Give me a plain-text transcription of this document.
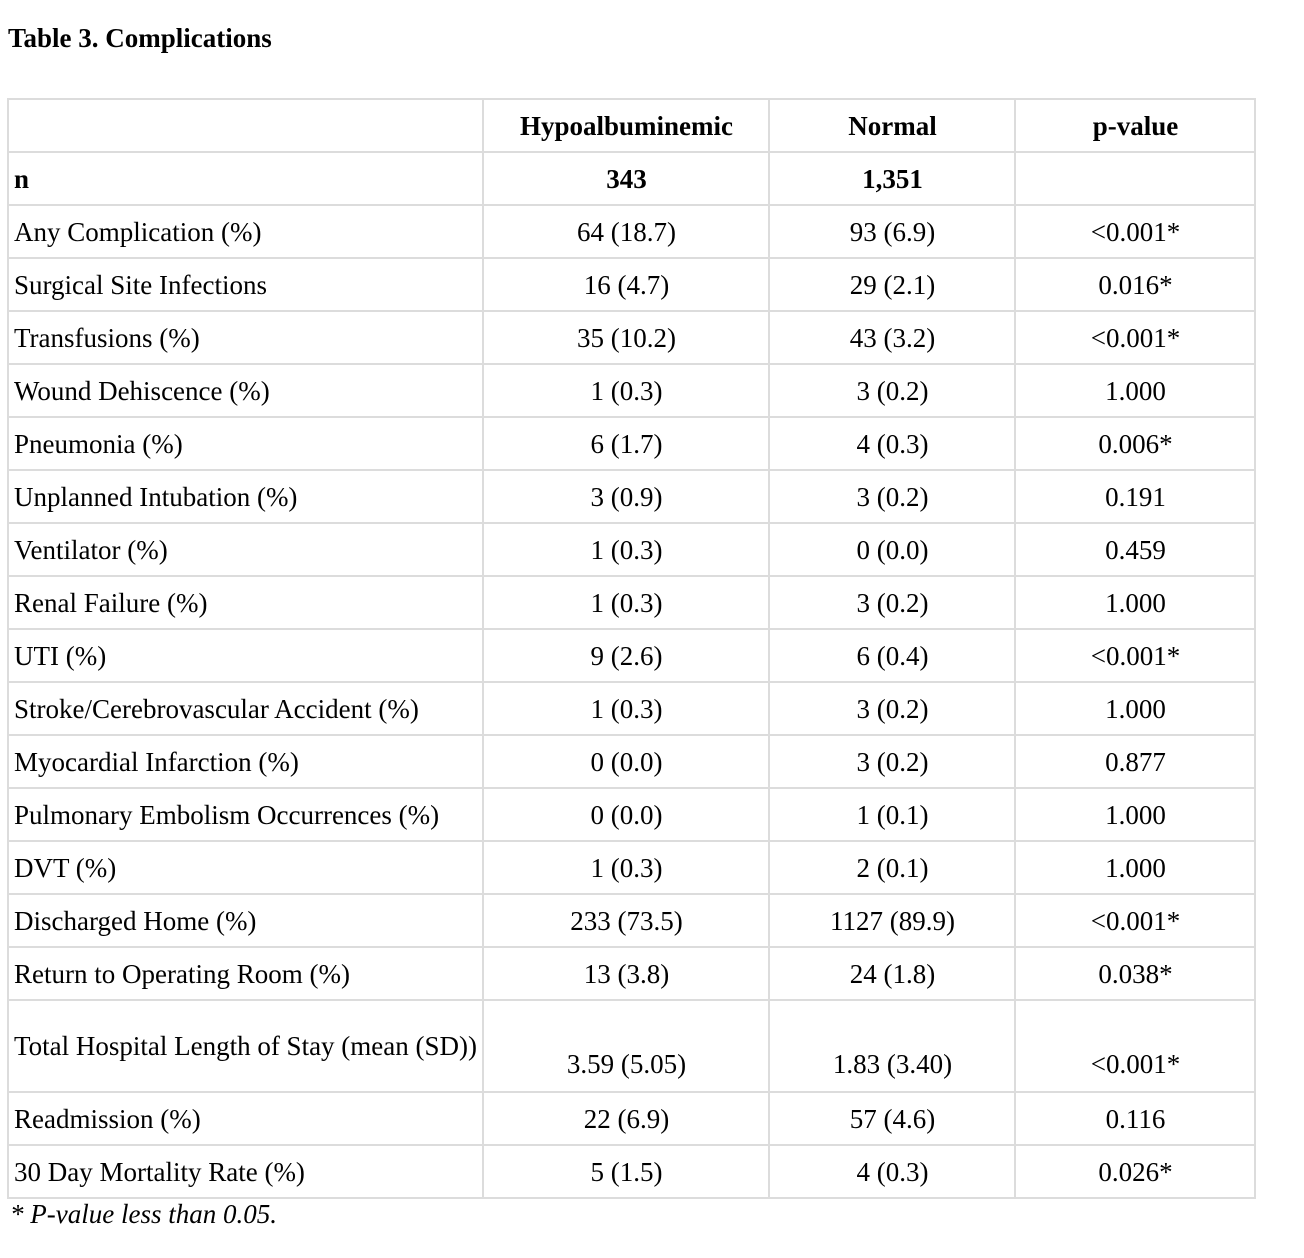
Table 3. Complications
	Hypoalbuminemic	Normal	p-value
n	343	1,351	
Any Complication (%)	64 (18.7)	93 (6.9)	<0.001*
Surgical Site Infections	16 (4.7)	29 (2.1)	0.016*
Transfusions (%)	35 (10.2)	43 (3.2)	<0.001*
Wound Dehiscence (%)	1 (0.3)	3 (0.2)	1.000
Pneumonia (%)	6 (1.7)	4 (0.3)	0.006*
Unplanned Intubation (%)	3 (0.9)	3 (0.2)	0.191
Ventilator (%)	1 (0.3)	0 (0.0)	0.459
Renal Failure (%)	1 (0.3)	3 (0.2)	1.000
UTI (%)	9 (2.6)	6 (0.4)	<0.001*
Stroke/Cerebrovascular Accident (%)	1 (0.3)	3 (0.2)	1.000
Myocardial Infarction (%)	0 (0.0)	3 (0.2)	0.877
Pulmonary Embolism Occurrences (%)	0 (0.0)	1 (0.1)	1.000
DVT (%)	1 (0.3)	2 (0.1)	1.000
Discharged Home (%)	233 (73.5)	1127 (89.9)	<0.001*
Return to Operating Room (%)	13 (3.8)	24 (1.8)	0.038*
Total Hospital Length of Stay (mean (SD))	3.59 (5.05)	1.83 (3.40)	<0.001*
Readmission (%)	22 (6.9)	57 (4.6)	0.116
30 Day Mortality Rate (%)	5 (1.5)	4 (0.3)	0.026*
* P-value less than 0.05.
